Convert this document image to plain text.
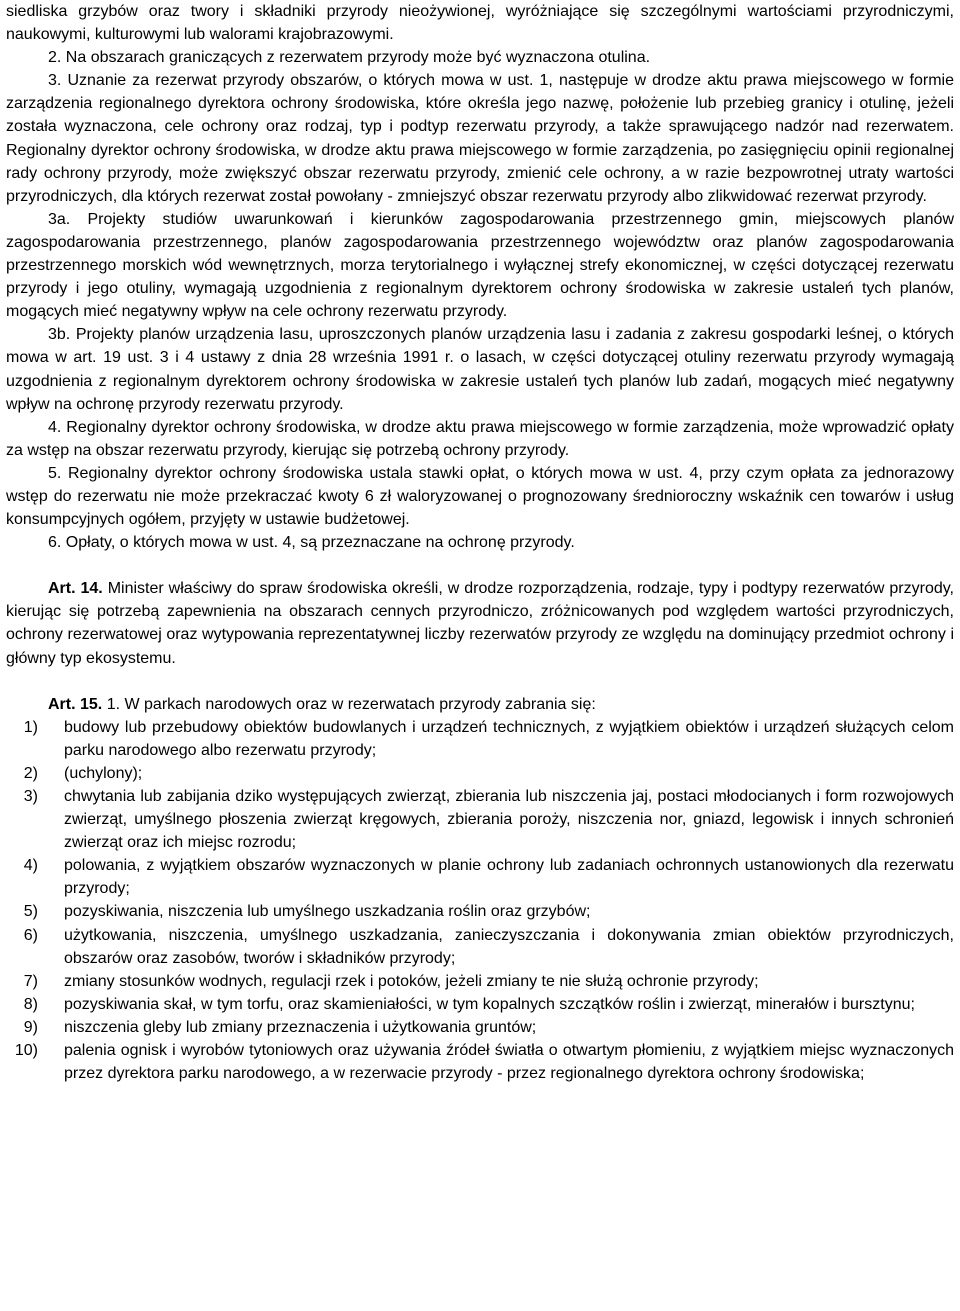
siedliska grzybów oraz twory i składniki przyrody nieożywionej, wyróżniające się szczególnymi wartościami przyrodniczymi, naukowymi, kulturowymi lub walorami krajobrazowymi.

2. Na obszarach graniczących z rezerwatem przyrody może być wyznaczona otulina.

3. Uznanie za rezerwat przyrody obszarów, o których mowa w ust. 1, następuje w drodze aktu prawa miejscowego w formie zarządzenia regionalnego dyrektora ochrony środowiska, które określa jego nazwę, położenie lub przebieg granicy i otulinę, jeżeli została wyznaczona, cele ochrony oraz rodzaj, typ i podtyp rezerwatu przyrody, a także sprawującego nadzór nad rezerwatem. Regionalny dyrektor ochrony środowiska, w drodze aktu prawa miejscowego w formie zarządzenia, po zasięgnięciu opinii regionalnej rady ochrony przyrody, może zwiększyć obszar rezerwatu przyrody, zmienić cele ochrony, a w razie bezpowrotnej utraty wartości przyrodniczych, dla których rezerwat został powołany - zmniejszyć obszar rezerwatu przyrody albo zlikwidować rezerwat przyrody.

3a. Projekty studiów uwarunkowań i kierunków zagospodarowania przestrzennego gmin, miejscowych planów zagospodarowania przestrzennego, planów zagospodarowania przestrzennego województw oraz planów zagospodarowania przestrzennego morskich wód wewnętrznych, morza terytorialnego i wyłącznej strefy ekonomicznej, w części dotyczącej rezerwatu przyrody i jego otuliny, wymagają uzgodnienia z regionalnym dyrektorem ochrony środowiska w zakresie ustaleń tych planów, mogących mieć negatywny wpływ na cele ochrony rezerwatu przyrody.

3b. Projekty planów urządzenia lasu, uproszczonych planów urządzenia lasu i zadania z zakresu gospodarki leśnej, o których mowa w art. 19 ust. 3 i 4 ustawy z dnia 28 września 1991 r. o lasach, w części dotyczącej otuliny rezerwatu przyrody wymagają uzgodnienia z regionalnym dyrektorem ochrony środowiska w zakresie ustaleń tych planów lub zadań, mogących mieć negatywny wpływ na ochronę przyrody rezerwatu przyrody.

4. Regionalny dyrektor ochrony środowiska, w drodze aktu prawa miejscowego w formie zarządzenia, może wprowadzić opłaty za wstęp na obszar rezerwatu przyrody, kierując się potrzebą ochrony przyrody.

5. Regionalny dyrektor ochrony środowiska ustala stawki opłat, o których mowa w ust. 4, przy czym opłata za jednorazowy wstęp do rezerwatu nie może przekraczać kwoty 6 zł waloryzowanej o prognozowany średnioroczny wskaźnik cen towarów i usług konsumpcyjnych ogółem, przyjęty w ustawie budżetowej.

6. Opłaty, o których mowa w ust. 4, są przeznaczane na ochronę przyrody.

Art. 14. Minister właściwy do spraw środowiska określi, w drodze rozporządzenia, rodzaje, typy i podtypy rezerwatów przyrody, kierując się potrzebą zapewnienia na obszarach cennych przyrodniczo, zróżnicowanych pod względem wartości przyrodniczych, ochrony rezerwatowej oraz wytypowania reprezentatywnej liczby rezerwatów przyrody ze względu na dominujący przedmiot ochrony i główny typ ekosystemu.

Art. 15. 1. W parkach narodowych oraz w rezerwatach przyrody zabrania się:

1) budowy lub przebudowy obiektów budowlanych i urządzeń technicznych, z wyjątkiem obiektów i urządzeń służących celom parku narodowego albo rezerwatu przyrody;
2) (uchylony);
3) chwytania lub zabijania dziko występujących zwierząt, zbierania lub niszczenia jaj, postaci młodocianych i form rozwojowych zwierząt, umyślnego płoszenia zwierząt kręgowych, zbierania poroży, niszczenia nor, gniazd, legowisk i innych schronień zwierząt oraz ich miejsc rozrodu;
4) polowania, z wyjątkiem obszarów wyznaczonych w planie ochrony lub zadaniach ochronnych ustanowionych dla rezerwatu przyrody;
5) pozyskiwania, niszczenia lub umyślnego uszkadzania roślin oraz grzybów;
6) użytkowania, niszczenia, umyślnego uszkadzania, zanieczyszczania i dokonywania zmian obiektów przyrodniczych, obszarów oraz zasobów, tworów i składników przyrody;
7) zmiany stosunków wodnych, regulacji rzek i potoków, jeżeli zmiany te nie służą ochronie przyrody;
8) pozyskiwania skał, w tym torfu, oraz skamieniałości, w tym kopalnych szczątków roślin i zwierząt, minerałów i bursztynu;
9) niszczenia gleby lub zmiany przeznaczenia i użytkowania gruntów;
10) palenia ognisk i wyrobów tytoniowych oraz używania źródeł światła o otwartym płomieniu, z wyjątkiem miejsc wyznaczonych przez dyrektora parku narodowego, a w rezerwacie przyrody - przez regionalnego dyrektora ochrony środowiska;
